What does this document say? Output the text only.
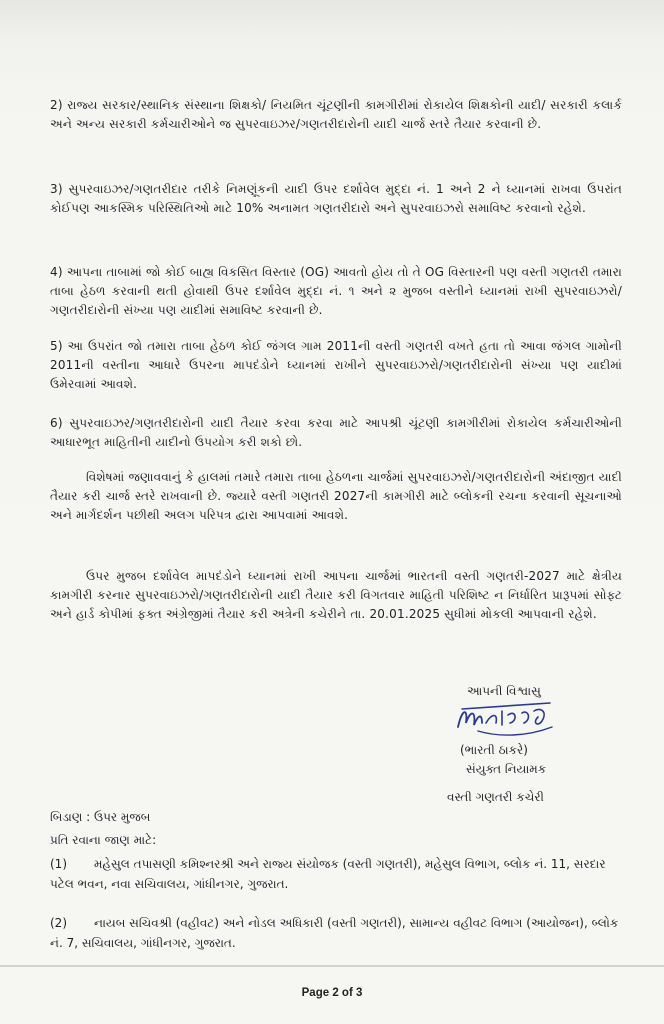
2) રાજ્ય સરકાર/સ્થાનિક સંસ્થાના શિક્ષકો/ નિયમિત ચૂંટણીની કામગીરીમાં રોકાયેલ શિક્ષકોની યાદી/ સરકારી કલાર્ક અને અન્ય સરકારી કર્મચારીઓને જ સુપરવાઇઝર/ગણતરીદારોની યાદી ચાર્જ સ્તરે તૈયાર કરવાની છે.

3) સુપરવાઇઝર/ગણતરીદાર તરીકે નિમણૂંકની યાદી ઉપર દર્શાવેલ મુદ્દા નં. 1 અને 2 ને ધ્યાનમાં રાખવા ઉપરાંત કોઈપણ આકસ્મિક પરિસ્થિતિઓ માટે 10% અનામત ગણતરીદારો અને સુપરવાઇઝરો સમાવિષ્ટ કરવાનો રહેશે.

4) આપના તાબામાં જો કોઈ બાહ્ય વિકસિત વિસ્તાર (OG) આવતો હોય તો તે OG વિસ્તારની પણ વસ્તી ગણતરી તમારા તાબા હેઠળ કરવાની થતી હોવાથી ઉપર દર્શાવેલ મુદ્દા નં. ૧ અને ૨ મુજબ વસ્તીને ધ્યાનમાં રાખી સુપરવાઇઝરો/ગણતરીદારોની સંખ્યા પણ યાદીમાં સમાવિષ્ટ કરવાની છે.

5) આ ઉપરાંત જો તમારા તાબા હેઠળ કોઈ જંગલ ગામ 2011ની વસ્તી ગણતરી વખતે હતા તો આવા જંગલ ગામોની 2011ની વસ્તીના આધારે ઉપરના માપદંડોને ધ્યાનમાં રાખીને સુપરવાઇઝરો/ગણતરીદારોની સંખ્યા પણ યાદીમાં ઉમેરવામાં આવશે.

6) સુપરવાઇઝર/ગણતરીદારોની યાદી તૈયાર કરવા કરવા માટે આપશ્રી ચૂંટણી કામગીરીમાં રોકાયેલ કર્મચારીઓની આધારભૂત માહિતીની યાદીનો ઉપયોગ કરી શકો છો.

વિશેષમાં જણાવવાનું કે હાલમાં તમારે તમારા તાબા હેઠળના ચાર્જમાં સુપરવાઇઝરો/ગણતરીદારોની અંદાજીત યાદી તૈયાર કરી ચાર્જ સ્તરે રાખવાની છે. જ્યારે વસ્તી ગણતરી 2027ની કામગીરી માટે બ્લોકની રચના કરવાની સૂચનાઓ અને માર્ગદર્શન પછીથી અલગ પરિપત્ર દ્વારા આપવામાં આવશે.

ઉપર મુજબ દર્શાવેલ માપદંડોને ધ્યાનમાં રાખી આપના ચાર્જમાં ભારતની વસ્તી ગણતરી-2027 માટે ક્ષેત્રીય કામગીરી કરનાર સુપરવાઇઝરો/ગણતરીદારોની યાદી તૈયાર કરી વિગતવાર માહિતી પરિશિષ્ટ ન નિર્ધારિત પ્રારૂપમાં સોફ્ટ અને હાર્ડ કોપીમાં ફક્ત અંગ્રેજીમાં તૈયાર કરી અત્રેની કચેરીને તા. 20.01.2025 સુધીમાં મોકલી આપવાની રહેશે.

આપની વિશ્વાસુ

ભારતીઠાકરે

(ભારતી ઠાકરે)

સંયુક્ત નિયામક

વસ્તી ગણતરી કચેરી

બિડાણ : ઉપર મુજબ

પ્રતિ રવાના જાણ માટે:

(1) મહેસુલ તપાસણી કમિશ્નરશ્રી અને રાજ્ય સંયોજક (વસ્તી ગણતરી), મહેસુલ વિભાગ, બ્લોક નં. 11, સરદાર પટેલ ભવન, નવા સચિવાલય, ગાંધીનગર, ગુજરાત.

(2) નાયબ સચિવશ્રી (વહીવટ) અને નોડલ અધિકારી (વસ્તી ગણતરી), સામાન્ય વહીવટ વિભાગ (આયોજન), બ્લોક નં. 7, સચિવાલય, ગાંધીનગર, ગુજરાત.

Page 2 of 3
